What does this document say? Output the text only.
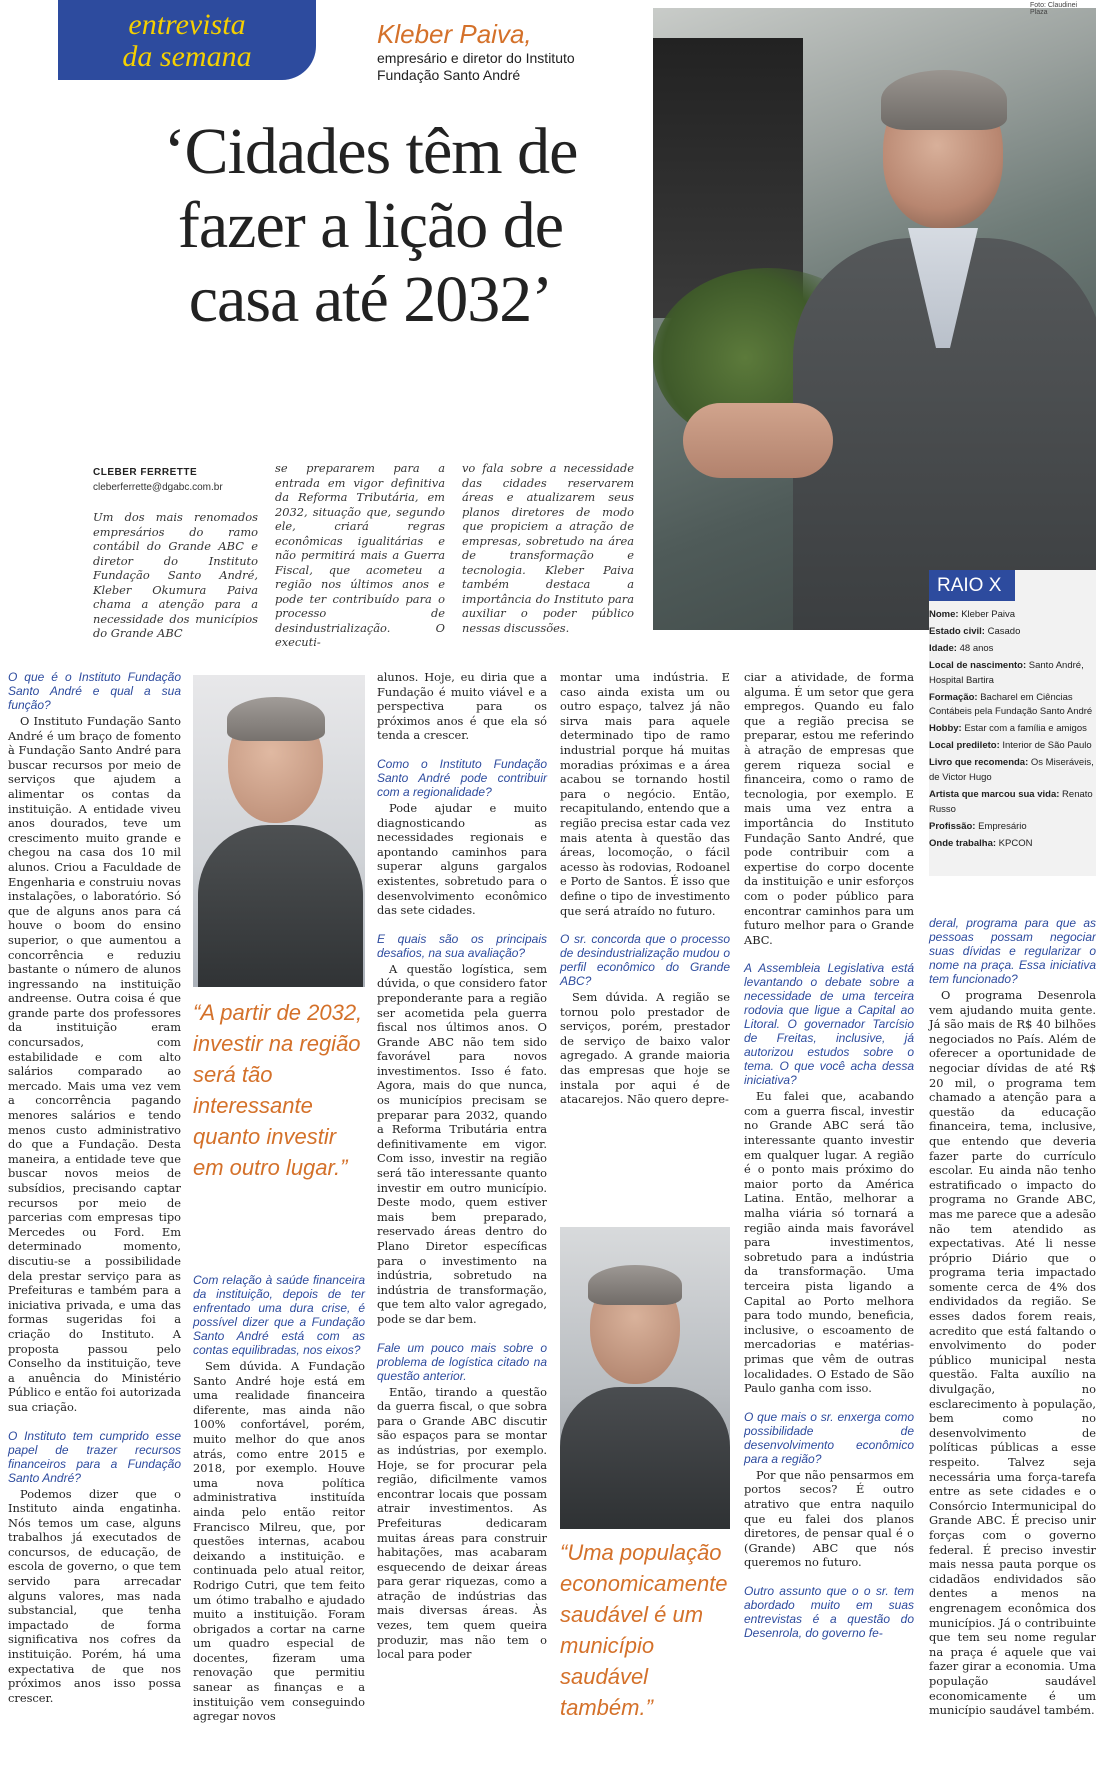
entrevista
da semana
Kleber Paiva,
empresário e diretor do Instituto
Fundação Santo André
Foto: Claudinei Plaza
‘Cidades têm de
fazer a lição de
casa até 2032’
CLEBER FERRETTE
cleberferrette@dgabc.com.br
Um dos mais renomados empresários do ramo contábil do Grande ABC e diretor do Instituto Fundação Santo André, Kleber Okumura Paiva chama a atenção para a necessidade dos municípios do Grande ABC
se prepararem para a entrada em vigor definitiva da Reforma Tributária, em 2032, situação que, segundo ele, criará regras econômicas igualitárias e não permitirá mais a Guerra Fiscal, que acometeu a região nos últimos anos e pode ter contribuído para o processo de desindustrialização. O executi-
vo fala sobre a necessidade das cidades reservarem áreas e atualizarem seus planos diretores de modo que propiciem a atração de empresas, sobretudo na área de transformação e tecnologia. Kleber Paiva também destaca a importância do Instituto para auxiliar o poder público nessas discussões.
O que é o Instituto Fundação Santo André e qual a sua função?

O Instituto Fundação Santo André é um braço de fomento à Fundação Santo André para buscar recursos por meio de serviços que ajudem a alimentar os contas da instituição. A entidade viveu anos dourados, teve um crescimento muito grande e chegou na casa dos 10 mil alunos. Criou a Faculdade de Engenharia e construiu novas instalações, o laboratório. Só que de alguns anos para cá houve o boom do ensino superior, o que aumentou a concorrência e reduziu bastante o número de alunos ingressando na instituição andreense. Outra coisa é que grande parte dos professores da instituição eram concursados, com estabilidade e com alto salários comparado ao mercado. Mais uma vez vem a concorrência pagando menores salários e tendo menos custo administrativo do que a Fundação. Desta maneira, a entidade teve que buscar novos meios de subsídios, precisando captar recursos por meio de parcerias com empresas tipo Mercedes ou Ford. Em determinado momento, discutiu-se a possibilidade dela prestar serviço para as Prefeituras e também para a iniciativa privada, e uma das formas sugeridas foi a criação do Instituto. A proposta passou pelo Conselho da instituição, teve a anuência do Ministério Público e então foi autorizada sua criação.

O Instituto tem cumprido esse papel de trazer recursos financeiros para a Fundação Santo André?

Podemos dizer que o Instituto ainda engatinha. Nós temos um case, alguns trabalhos já executados de concursos, de educação, de escola de governo, o que tem servido para arrecadar alguns valores, mas nada substancial, que tenha impactado de forma significativa nos cofres da instituição. Porém, há uma expectativa de que nos próximos anos isso possa crescer.

“A partir de 2032, investir na região será tão interessante quanto investir em outro lugar.”
Com relação à saúde financeira da instituição, depois de ter enfrentado uma dura crise, é possível dizer que a Fundação Santo André está com as contas equilibradas, nos eixos?

Sem dúvida. A Fundação Santo André hoje está em uma realidade financeira diferente, mas ainda não 100% confortável, porém, muito melhor do que anos atrás, como entre 2015 e 2018, por exemplo. Houve uma nova política administrativa instituída ainda pelo então reitor Francisco Milreu, que, por questões internas, acabou deixando a instituição. e continuada pelo atual reitor, Rodrigo Cutri, que tem feito um ótimo trabalho e ajudado muito a instituição. Foram obrigados a cortar na carne um quadro especial de docentes, fizeram uma renovação que permitiu sanear as finanças e a instituição vem conseguindo agregar novos

alunos. Hoje, eu diria que a Fundação é muito viável e a perspectiva para os próximos anos é que ela só tenda a crescer.

Como o Instituto Fundação Santo André pode contribuir com a regionalidade?

Pode ajudar e muito diagnosticando as necessidades regionais e apontando caminhos para superar alguns gargalos existentes, sobretudo para o desenvolvimento econômico das sete cidades.

E quais são os principais desafios, na sua avaliação?

A questão logística, sem dúvida, o que considero fator preponderante para a região ser acometida pela guerra fiscal nos últimos anos. O Grande ABC não tem sido favorável para novos investimentos. Isso é fato. Agora, mais do que nunca, os municípios precisam se preparar para 2032, quando a Reforma Tributária entra definitivamente em vigor. Com isso, investir na região será tão interessante quanto investir em outro município. Deste modo, quem estiver mais bem preparado, reservado áreas dentro do Plano Diretor específicas para o investimento na indústria, sobretudo na indústria de transformação, que tem alto valor agregado, pode se dar bem.

Fale um pouco mais sobre o problema de logística citado na questão anterior.

Então, tirando a questão da guerra fiscal, o que sobra para o Grande ABC discutir são espaços para se montar as indústrias, por exemplo. Hoje, se for procurar pela região, dificilmente vamos encontrar locais que possam atrair investimentos. As Prefeituras dedicaram muitas áreas para construir habitações, mas acabaram esquecendo de deixar áreas para gerar riquezas, como a atração de indústrias das mais diversas áreas. Às vezes, tem quem queira produzir, mas não tem o local para poder

montar uma indústria. E caso ainda exista um ou outro espaço, talvez já não sirva mais para aquele determinado tipo de ramo industrial porque há muitas moradias próximas e a área acabou se tornando hostil para o negócio. Então, recapitulando, entendo que a região precisa estar cada vez mais atenta à questão das áreas, locomoção, o fácil acesso às rodovias, Rodoanel e Porto de Santos. É isso que define o tipo de investimento que será atraído no futuro.

O sr. concorda que o processo de desindustrialização mudou o perfil econômico do Grande ABC?

Sem dúvida. A região se tornou polo prestador de serviços, porém, prestador de serviço de baixo valor agregado. A grande maioria das empresas que hoje se instala por aqui é de atacarejos. Não quero depre-

“Uma população economicamente saudável é um município saudável também.”

ciar a atividade, de forma alguma. É um setor que gera empregos. Quando eu falo que a região precisa se preparar, estou me referindo à atração de empresas que gerem riqueza social e financeira, como o ramo de tecnologia, por exemplo. E mais uma vez entra a importância do Instituto Fundação Santo André, que pode contribuir com a expertise do corpo docente da instituição e unir esforços com o poder público para encontrar caminhos para um futuro melhor para o Grande ABC.

A Assembleia Legislativa está levantando o debate sobre a necessidade de uma terceira rodovia que ligue a Capital ao Litoral. O governador Tarcísio de Freitas, inclusive, já autorizou estudos sobre o tema. O que você acha dessa iniciativa?

Eu falei que, acabando com a guerra fiscal, investir no Grande ABC será tão interessante quanto investir em qualquer lugar. A região é o ponto mais próximo do maior porto da América Latina. Então, melhorar a malha viária só tornará a região ainda mais favorável para investimentos, sobretudo para a indústria da transformação. Uma terceira pista ligando a Capital ao Porto melhora para todo mundo, beneficia, inclusive, o escoamento de mercadorias e matérias-primas que vêm de outras localidades. O Estado de São Paulo ganha com isso.

O que mais o sr. enxerga como possibilidade de desenvolvimento econômico para a região?

Por que não pensarmos em portos secos? É outro atrativo que entra naquilo que eu falei dos planos diretores, de pensar qual é o (Grande) ABC que nós queremos no futuro.

Outro assunto que o o sr. tem abordado muito em suas entrevistas é a questão do Desenrola, do governo fe-
RAIO X
Nome: Kleber Paiva
Estado civil: Casado
Idade: 48 anos
Local de nascimento: Santo André, Hospital Bartira
Formação: Bacharel em Ciências Contábeis pela Fundação Santo André
Hobby: Estar com a família e amigos
Local predileto: Interior de São Paulo
Livro que recomenda: Os Miseráveis, de Victor Hugo
Artista que marcou sua vida: Renato Russo
Profissão: Empresário
Onde trabalha: KPCON
deral, programa para que as pessoas possam negociar suas dívidas e regularizar o nome na praça. Essa iniciativa tem funcionado?

O programa Desenrola vem ajudando muita gente. Já são mais de R$ 40 bilhões negociados no País. Além de oferecer a oportunidade de negociar dívidas de até R$ 20 mil, o programa tem chamado a atenção para a questão da educação financeira, tema, inclusive, que entendo que deveria fazer parte do currículo escolar. Eu ainda não tenho estratificado o impacto do programa no Grande ABC, mas me parece que a adesão não tem atendido as expectativas. Até li nesse próprio Diário que o programa teria impactado somente cerca de 4% dos endividados da região. Se esses dados forem reais, acredito que está faltando o envolvimento do poder público municipal nesta questão. Falta auxílio na divulgação, no esclarecimento à população, bem como no desenvolvimento de políticas públicas a esse respeito. Talvez seja necessária uma força-tarefa entre as sete cidades e o Consórcio Intermunicipal do Grande ABC. É preciso unir forças com o governo federal. É preciso investir mais nessa pauta porque os cidadãos endividados são dentes a menos na engrenagem econômica dos municípios. Já o contribuinte que tem seu nome regular na praça é aquele que vai fazer girar a economia. Uma população saudável economicamente é um município saudável também.
